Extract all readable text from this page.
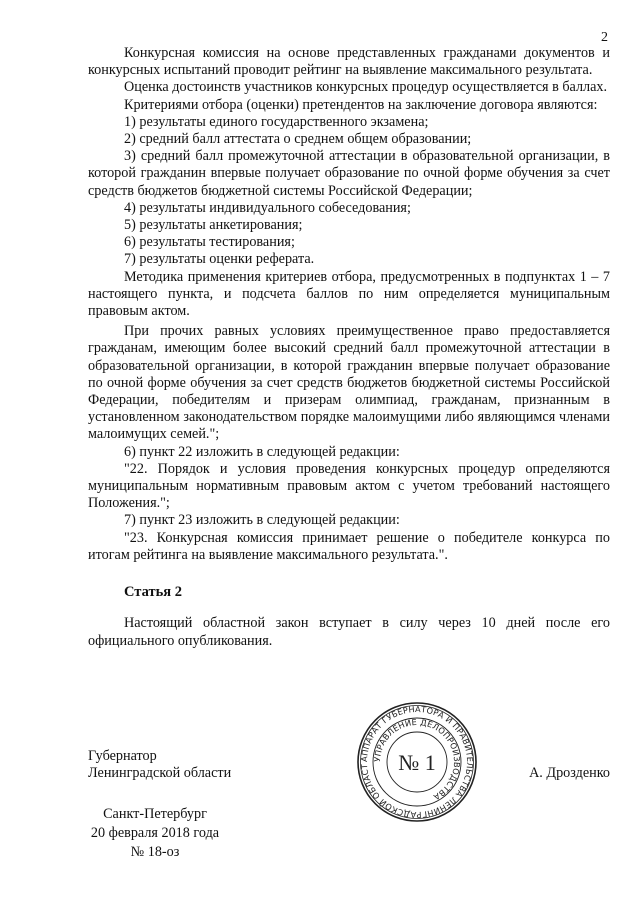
2

Конкурсная комиссия на основе представленных гражданами документов и конкурсных испытаний проводит рейтинг на выявление максимального результата.

Оценка достоинств участников конкурсных процедур осуществляется в баллах.

Критериями отбора (оценки) претендентов на заключение договора являются:

1) результаты единого государственного экзамена;

2) средний балл аттестата о среднем общем образовании;

3) средний балл промежуточной аттестации в образовательной организации, в которой гражданин впервые получает образование по очной форме обучения за счет средств бюджетов бюджетной системы Российской Федерации;

4) результаты индивидуального собеседования;

5) результаты анкетирования;

6) результаты тестирования;

7) результаты оценки реферата.

Методика применения критериев отбора, предусмотренных в подпунктах 1 – 7 настоящего пункта, и подсчета баллов по ним определяется муниципальным правовым актом.

При прочих равных условиях преимущественное право предоставляется гражданам, имеющим более высокий средний балл промежуточной аттестации в образовательной организации, в которой гражданин впервые получает образование по очной форме обучения за счет средств бюджетов бюджетной системы Российской Федерации, победителям и призерам олимпиад, гражданам, признанным в установленном законодательством порядке малоимущими либо являющимся членами малоимущих семей.";

6) пункт 22 изложить в следующей редакции:

"22. Порядок и условия проведения конкурсных процедур определяются муниципальным нормативным правовым актом с учетом требований настоящего Положения.";

7) пункт 23 изложить в следующей редакции:

"23. Конкурсная комиссия принимает решение о победителе конкурса по итогам рейтинга на выявление максимального результата.".

Статья 2

Настоящий областной закон вступает в силу через 10 дней после его официального опубликования.

АППАРАТ ГУБЕРНАТОРА И ПРАВИТЕЛЬСТВА ЛЕНИНГРАДСКОЙ ОБЛАСТ
УПРАВЛЕНИЕ ДЕЛОПРОИЗВОДСТВА
№ 1
Губернатор
Ленинградской области	А. Дрозденко
Санкт-Петербург
20 февраля 2018 года
№ 18-оз
